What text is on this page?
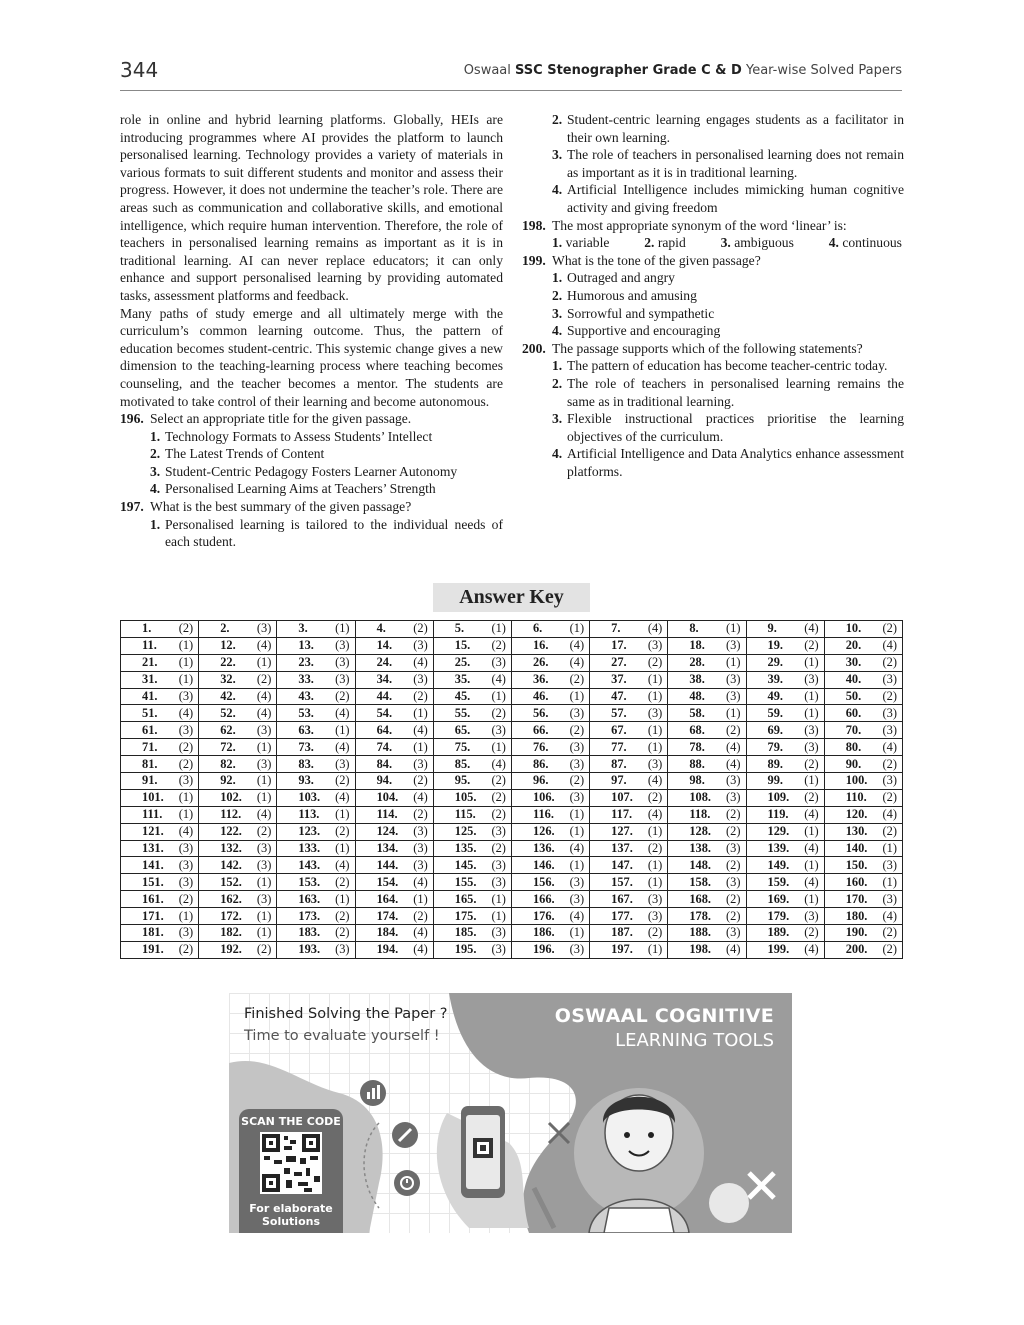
344	Oswaal SSC Stenographer Grade C & D Year-wise Solved Papers

role in online and hybrid learning platforms. Globally, HEIs are introducing programmes where AI provides the platform to launch personalised learning. Technology provides a variety of materials in various formats to suit different students and monitor and assess their progress. However, it does not undermine the teacher’s role. There are areas such as communication and collaborative skills, and emotional intelligence, which require human intervention. Therefore, the role of teachers in personalised learning remains as important as it is in traditional learning. AI can never replace educators; it can only enhance and support personalised learning by providing automated tasks, assessment platforms and feedback.

Many paths of study emerge and all ultimately merge with the curriculum’s common learning outcome. Thus, the pattern of education becomes student-centric. This systemic change gives a new dimension to the teaching-learning process where teaching becomes counseling, and the teacher becomes a mentor. The students are motivated to take control of their learning and become autonomous.

196. Select an appropriate title for the given passage.
1. Technology Formats to Assess Students’ Intellect
2. The Latest Trends of Content
3. Student-Centric Pedagogy Fosters Learner Autonomy
4. Personalised Learning Aims at Teachers’ Strength
197. What is the best summary of the given passage?
1. Personalised learning is tailored to the individual needs of each student.
2. Student-centric learning engages students as a facilitator in their own learning.
3. The role of teachers in personalised learning does not remain as important as it is in traditional learning.
4. Artificial Intelligence includes mimicking human cognitive activity and giving freedom
198. The most appropriate synonym of the word ‘linear’ is:
1. variable	2. rapid	3. ambiguous	4. continuous
199. What is the tone of the given passage?
1. Outraged and angry
2. Humorous and amusing
3. Sorrowful and sympathetic
4. Supportive and encouraging
200. The passage supports which of the following statements?
1. The pattern of education has become teacher-centric today.
2. The role of teachers in personalised learning remains the same as in traditional learning.
3. Flexible instructional practices prioritise the learning objectives of the curriculum.
4. Artificial Intelligence and Data Analytics enhance assessment platforms.
Answer Key
1. (2)	2. (3)	3. (1)	4. (2)	5. (1)	6. (1)	7. (4)	8. (1)	9. (4)	10. (2)

11. (1)	12. (4)	13. (3)	14. (3)	15. (2)	16. (4)	17. (3)	18. (3)	19. (2)	20. (4)

21. (1)	22. (1)	23. (3)	24. (4)	25. (3)	26. (4)	27. (2)	28. (1)	29. (1)	30. (2)

31. (1)	32. (2)	33. (3)	34. (3)	35. (4)	36. (2)	37. (1)	38. (3)	39. (3)	40. (3)

41. (3)	42. (4)	43. (2)	44. (2)	45. (1)	46. (1)	47. (1)	48. (3)	49. (1)	50. (2)

51. (4)	52. (4)	53. (4)	54. (1)	55. (2)	56. (3)	57. (3)	58. (1)	59. (1)	60. (3)

61. (3)	62. (3)	63. (1)	64. (4)	65. (3)	66. (2)	67. (1)	68. (2)	69. (3)	70. (3)

71. (2)	72. (1)	73. (4)	74. (1)	75. (1)	76. (3)	77. (1)	78. (4)	79. (3)	80. (4)

81. (2)	82. (3)	83. (3)	84. (3)	85. (4)	86. (3)	87. (3)	88. (4)	89. (2)	90. (2)

91. (3)	92. (1)	93. (2)	94. (2)	95. (2)	96. (2)	97. (4)	98. (3)	99. (1)	100. (3)

101. (1)	102. (1)	103. (4)	104. (4)	105. (2)	106. (3)	107. (2)	108. (3)	109. (2)	110. (2)

111. (1)	112. (4)	113. (1)	114. (2)	115. (2)	116. (1)	117. (4)	118. (2)	119. (4)	120. (4)

121. (4)	122. (2)	123. (2)	124. (3)	125. (3)	126. (1)	127. (1)	128. (2)	129. (1)	130. (2)

131. (3)	132. (3)	133. (1)	134. (3)	135. (2)	136. (4)	137. (2)	138. (3)	139. (4)	140. (1)

141. (3)	142. (3)	143. (4)	144. (3)	145. (3)	146. (1)	147. (1)	148. (2)	149. (1)	150. (3)

151. (3)	152. (1)	153. (2)	154. (4)	155. (3)	156. (3)	157. (1)	158. (3)	159. (4)	160. (1)

161. (2)	162. (3)	163. (1)	164. (1)	165. (1)	166. (3)	167. (3)	168. (2)	169. (1)	170. (3)

171. (1)	172. (1)	173. (2)	174. (2)	175. (1)	176. (4)	177. (3)	178. (2)	179. (3)	180. (4)

181. (3)	182. (1)	183. (2)	184. (4)	185. (3)	186. (1)	187. (2)	188. (3)	189. (2)	190. (2)

191. (2)	192. (2)	193. (3)	194. (4)	195. (3)	196. (3)	197. (1)	198. (4)	199. (4)	200. (2)
Finished Solving the Paper ?
Time to evaluate yourself !
OSWAAL COGNITIVE
LEARNING TOOLS
SCAN THE CODE
For elaborate
Solutions
